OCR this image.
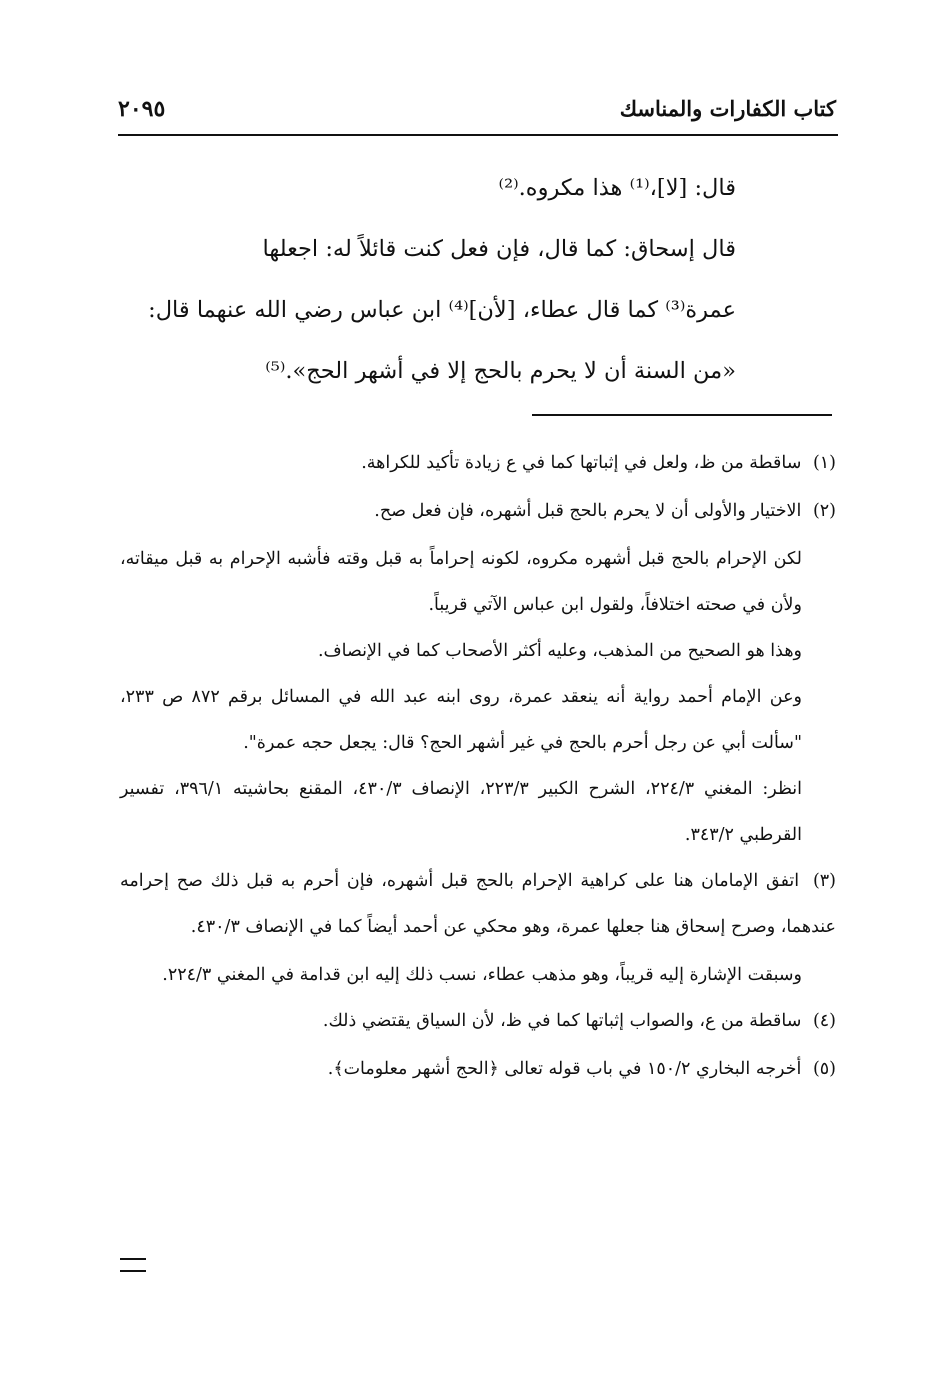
كتاب الكفارات والمناسك
٢٠٩٥
قال: [لا]،⁽¹⁾ هذا مكروه.⁽²⁾
قال إسحاق: كما قال، فإن فعل كنت قائلاً له: اجعلها
عمرة⁽³⁾ كما قال عطاء، [لأن]⁽⁴⁾ ابن عباس رضي الله عنهما قال:
«من السنة أن لا يحرم بالحج إلا في أشهر الحج».⁽⁵⁾

(١) ساقطة من ظ، ولعل في إثباتها كما في ع زيادة تأكيد للكراهة.

(٢) الاختيار والأولى أن لا يحرم بالحج قبل أشهره، فإن فعل صح.

لكن الإحرام بالحج قبل أشهره مكروه، لكونه إحراماً به قبل وقته فأشبه الإحرام به قبل ميقاته، ولأن في صحته اختلافاً، ولقول ابن عباس الآتي قريباً.

وهذا هو الصحيح من المذهب، وعليه أكثر الأصحاب كما في الإنصاف.

وعن الإمام أحمد رواية أنه ينعقد عمرة، روى ابنه عبد الله في المسائل برقم ٨٧٢ ص ٢٣٣، "سألت أبي عن رجل أحرم بالحج في غير أشهر الحج؟ قال: يجعل حجه عمرة".

انظر: المغني ٢٢٤/٣، الشرح الكبير ٢٢٣/٣، الإنصاف ٤٣٠/٣، المقنع بحاشيته ٣٩٦/١، تفسير القرطبي ٣٤٣/٢.

(٣) اتفق الإمامان هنا على كراهية الإحرام بالحج قبل أشهره، فإن أحرم به قبل ذلك صح إحرامه عندهما، وصرح إسحاق هنا جعلها عمرة، وهو محكي عن أحمد أيضاً كما في الإنصاف ٤٣٠/٣.

وسبقت الإشارة إليه قريباً، وهو مذهب عطاء، نسب ذلك إليه ابن قدامة في المغني ٢٢٤/٣.

(٤) ساقطة من ع، والصواب إثباتها كما في ظ، لأن السياق يقتضي ذلك.

(٥) أخرجه البخاري ١٥٠/٢ في باب قوله تعالى ﴿الحج أشهر معلومات﴾.
